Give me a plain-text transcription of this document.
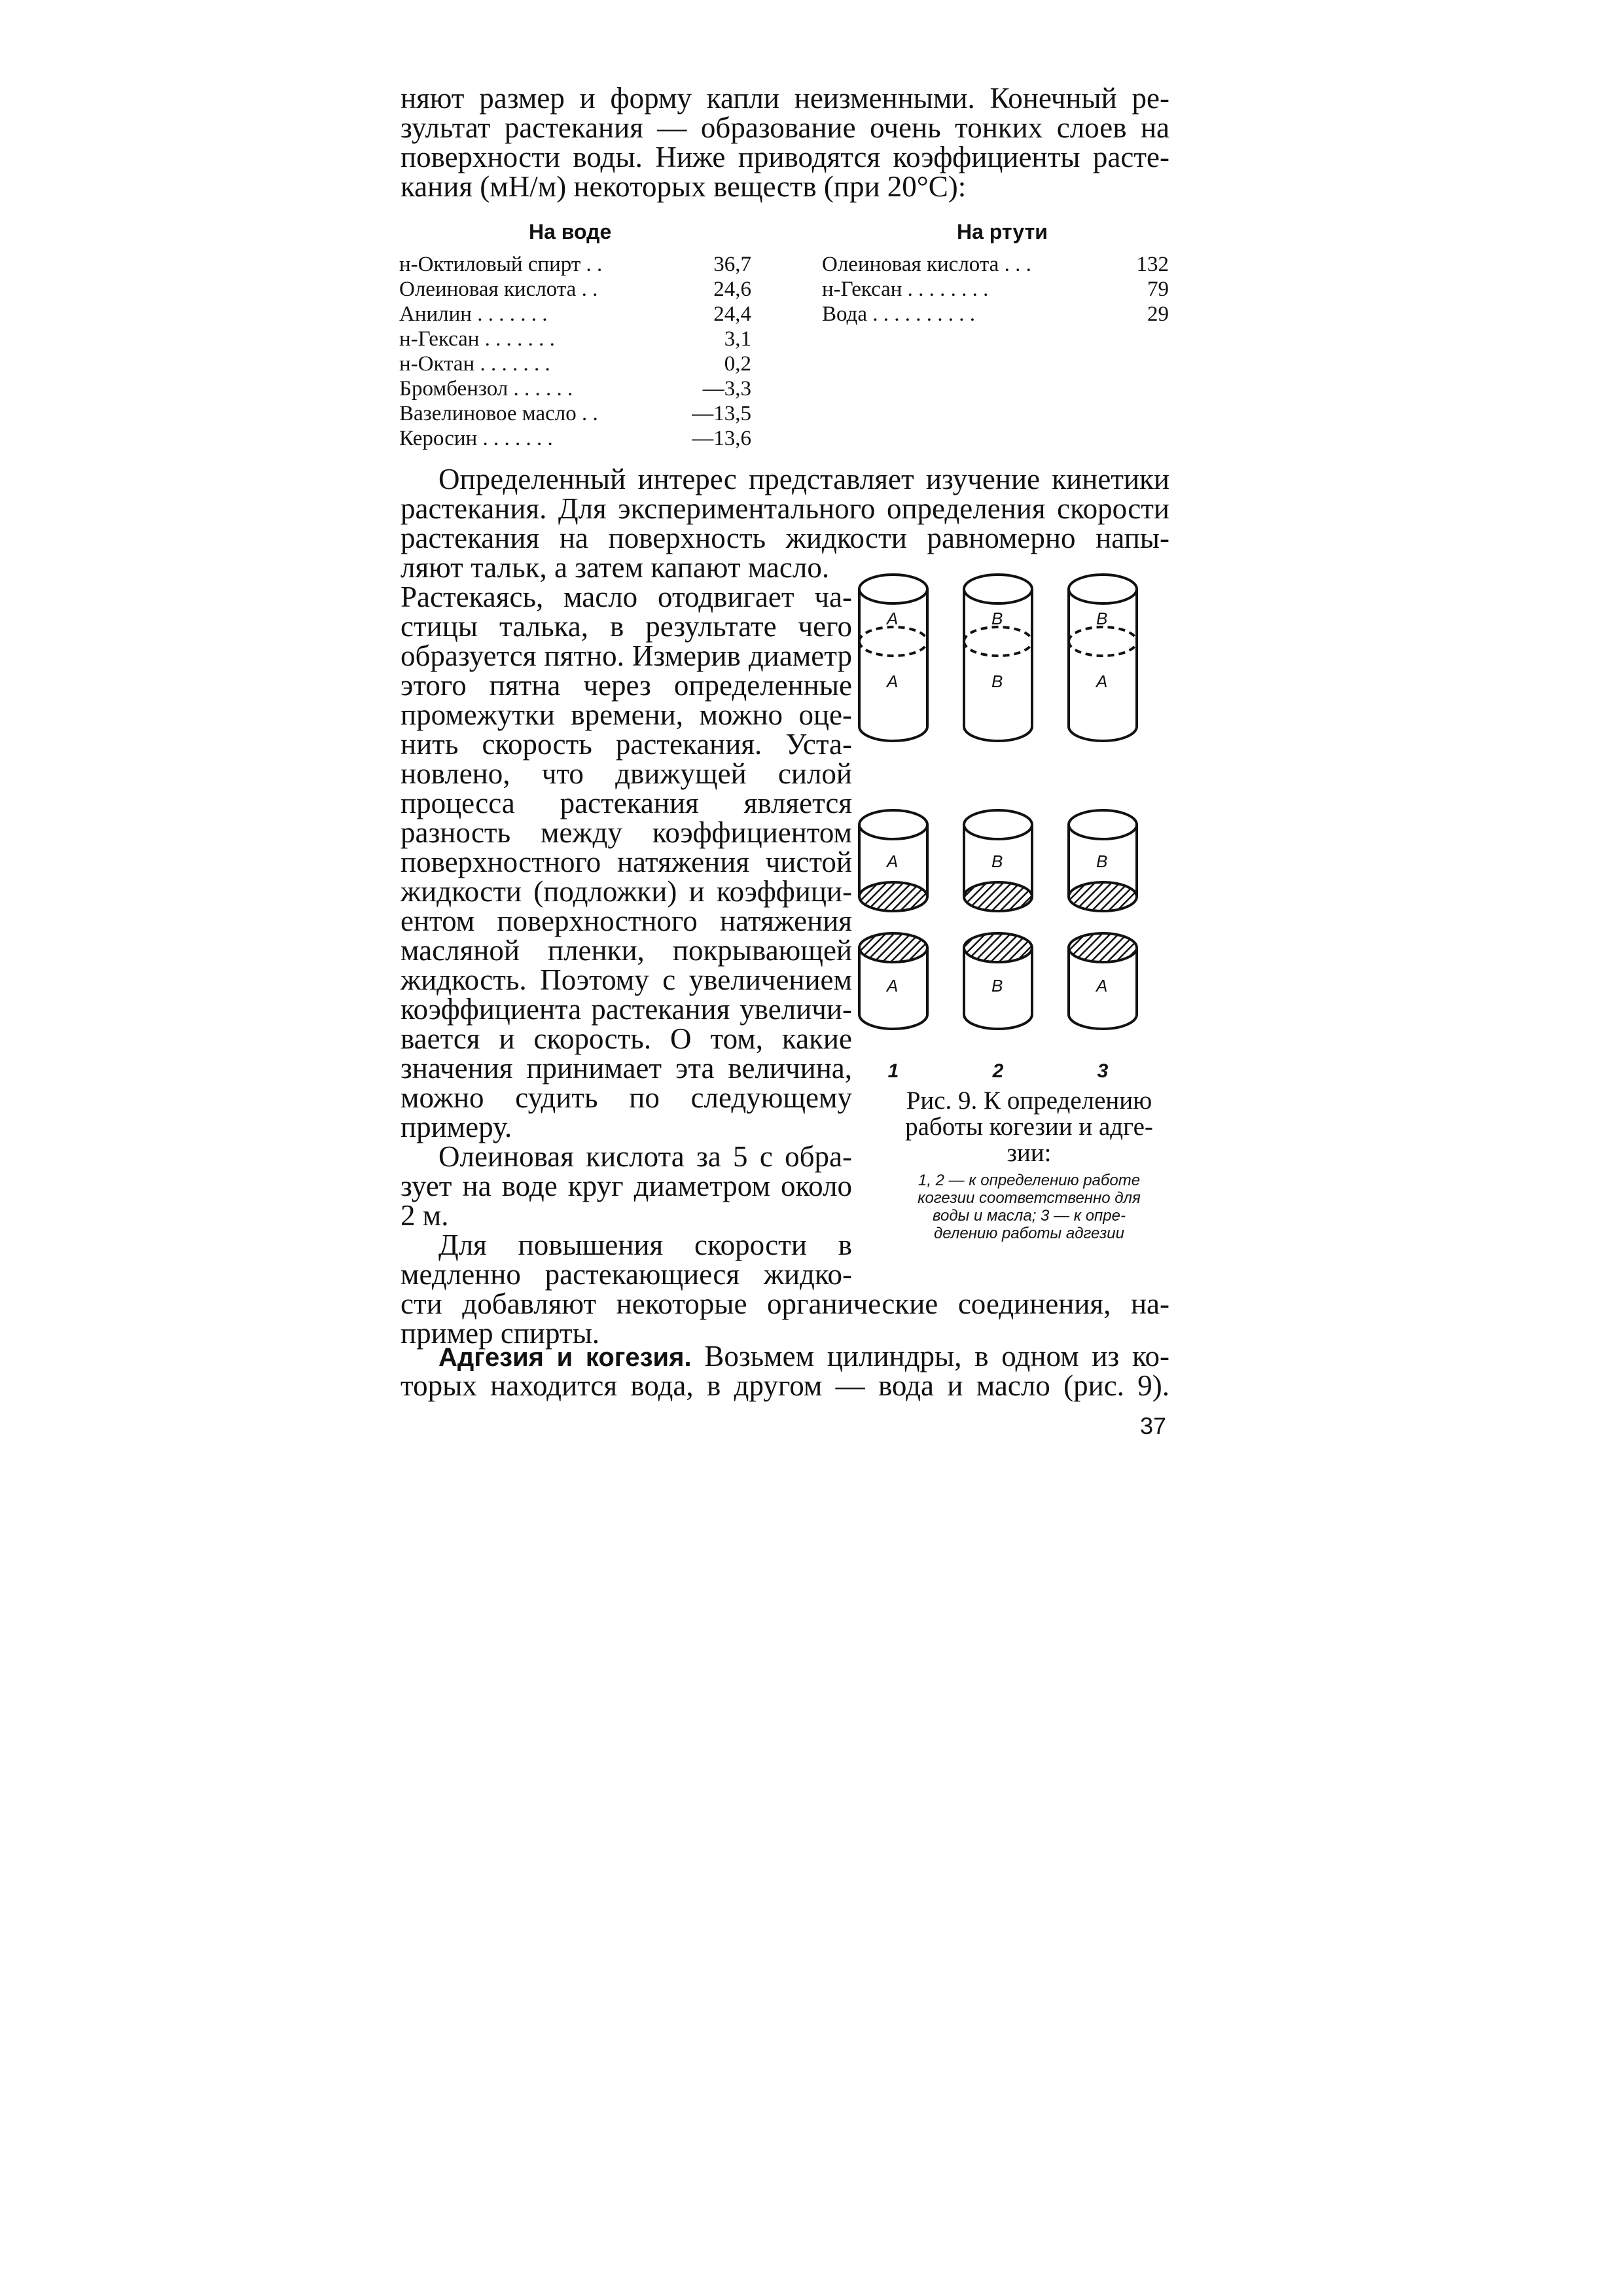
няют размер и форму капли неизменными. Конечный ре-
зультат растекания — образование очень тонких слоев на
поверхности воды. Ниже приводятся коэффициенты расте-
кания (мН/м) некоторых веществ (при 20°С):
На воде
н-Октиловый спирт . .	36,7
Олеиновая кислота . .	24,6
Анилин . . . . . . .	24,4
н-Гексан . . . . . . .	3,1
н-Октан . . . . . . .	0,2
Бромбензол . . . . . .	—3,3
Вазелиновое масло . .	—13,5
Керосин . . . . . . .	—13,6
На ртути
Олеиновая кислота . . .	132
н-Гексан . . . . . . . .	79
Вода . . . . . . . . . .	29
Определенный интерес представляет изучение кинетики
растекания. Для экспериментального определения скорости
растекания на поверхность жидкости равномерно напы-
ляют тальк, а затем капают масло.
Растекаясь, масло отодвигает ча-
стицы талька, в результате чего
образуется пятно. Измерив диаметр
этого пятна через определенные
промежутки времени, можно оце-
нить скорость растекания. Уста-
новлено, что движущей силой
процесса растекания является
разность между коэффициентом
поверхностного натяжения чистой
жидкости (подложки) и коэффици-
ентом поверхностного натяжения
масляной пленки, покрывающей
жидкость. Поэтому с увеличением
коэффициента растекания увеличи-
вается и скорость. О том, какие
значения принимает эта величина,
можно судить по следующему
примеру.
Олеиновая кислота за 5 с обра-
зует на воде круг диаметром около
2 м.
Для повышения скорости в
медленно растекающиеся жидко-
сти добавляют некоторые органические соединения, на-
пример спирты.
Адгезия и когезия. Возьмем цилиндры, в одном из ко-
торых находится вода, в другом — вода и масло (рис. 9).
A
A
B
B
B
A
A	B	B
A	B	A
1	2	3
Рис. 9. К определению
работы когезии и адге-
зии:
1, 2 — к определению работе
когезии соответственно для
воды и масла; 3 — к опре-
делению работы адгезии
37
